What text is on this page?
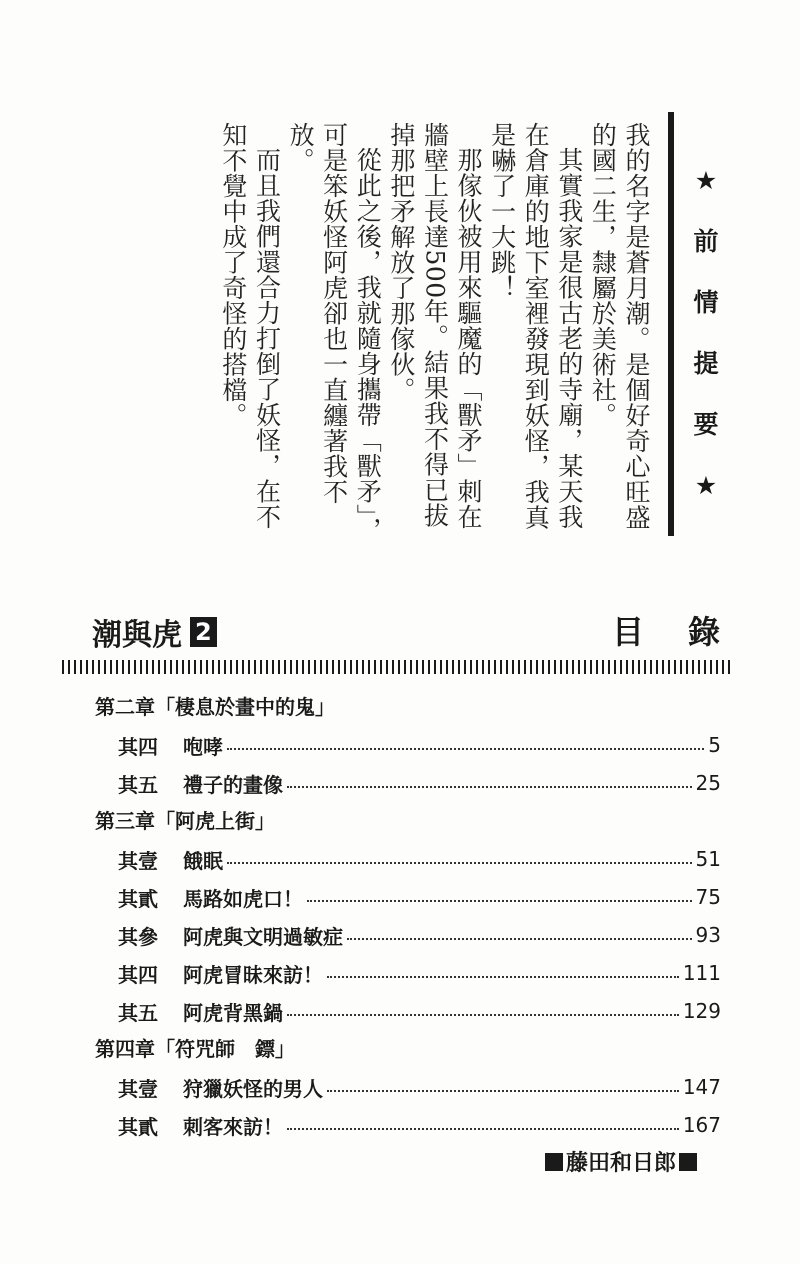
★
前
情
提
要
★

我的名字是蒼月潮。是個好奇心旺盛的國二生，隸屬於美術社。

其實我家是很古老的寺廟，某天我在倉庫的地下室裡發現到妖怪，我真是嚇了一大跳！

那傢伙被用來驅魔的「獸矛」刺在牆壁上長達500年。結果我不得已拔掉那把矛解放了那傢伙。

從此之後，我就隨身攜帶「獸矛」，可是笨妖怪阿虎卻也一直纏著我不放。

而且我們還合力打倒了妖怪，在不知不覺中成了奇怪的搭檔。

潮與虎 2	目錄
第二章「棲息於畫中的鬼」
其四	咆哮	5
其五	禮子的畫像	25
第三章「阿虎上街」
其壹	餓眠	51
其貳	馬路如虎口！	75
其參	阿虎與文明過敏症	93
其四	阿虎冒昧來訪！	111
其五	阿虎背黑鍋	129
第四章「符咒師　鏢」
其壹	狩獵妖怪的男人	147
其貳	刺客來訪！	167
藤田和日郎
